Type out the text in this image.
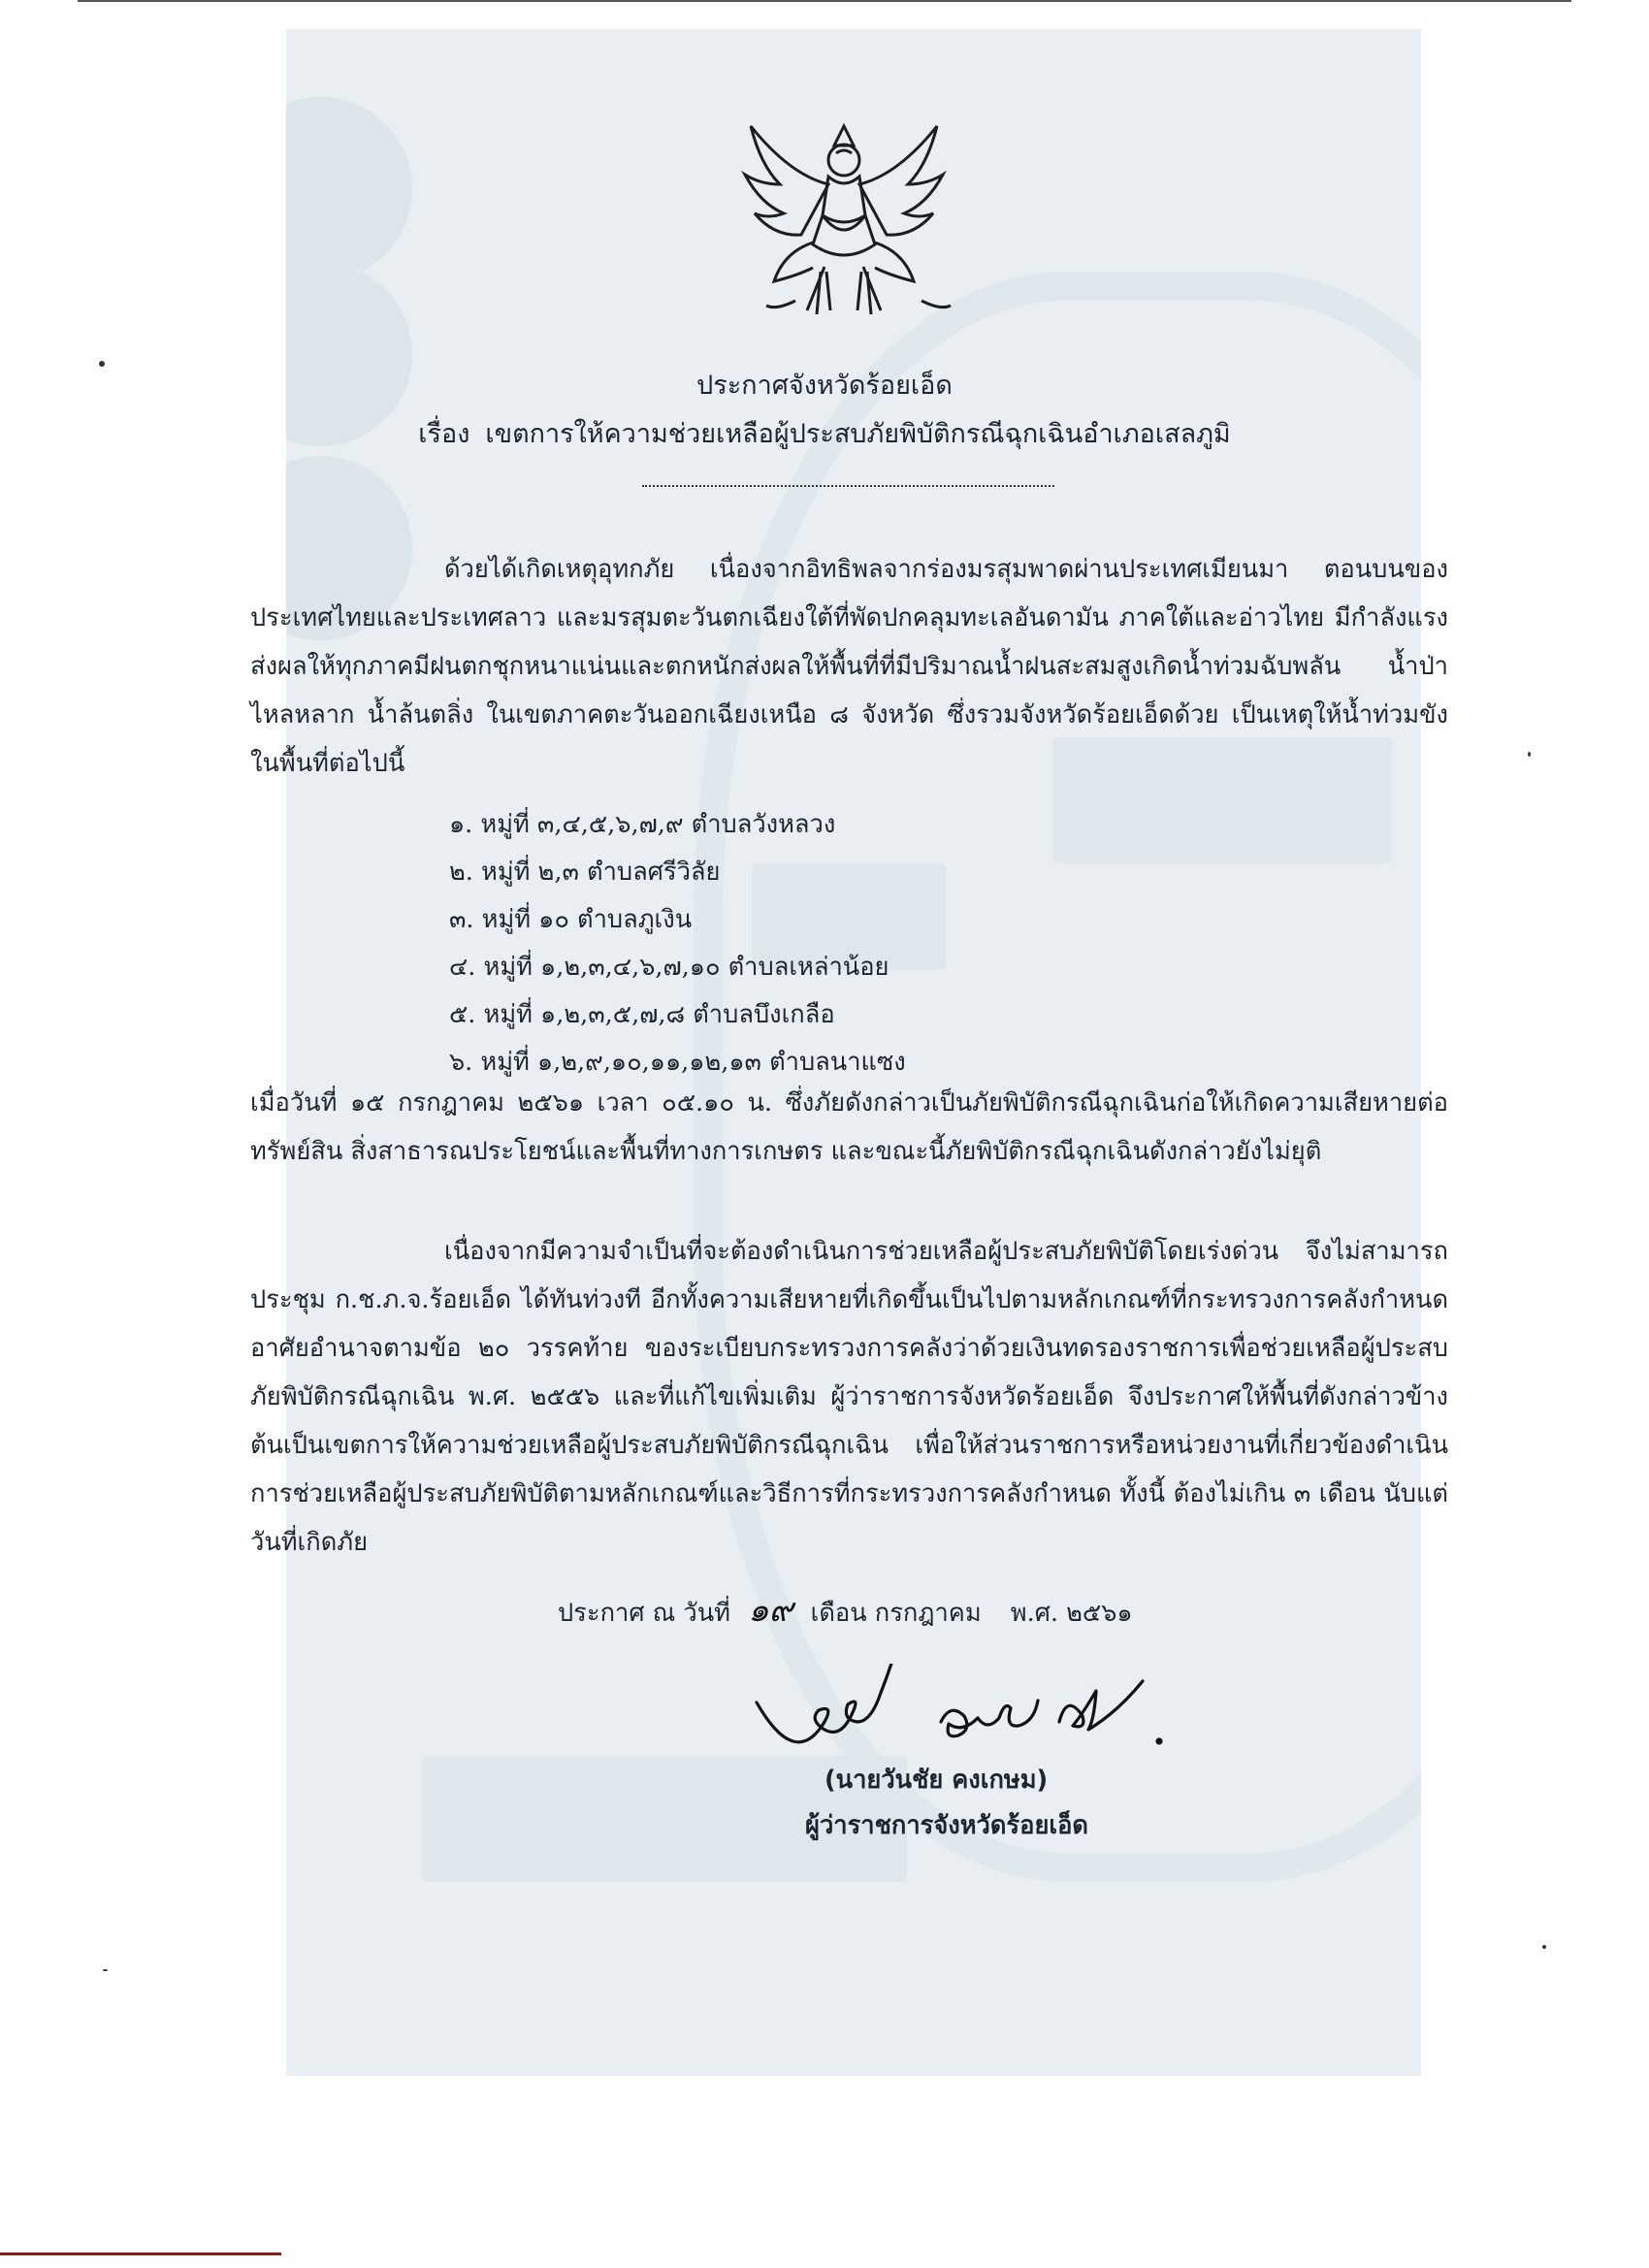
ประกาศจังหวัดร้อยเอ็ด
เรื่อง เขตการให้ความช่วยเหลือผู้ประสบภัยพิบัติกรณีฉุกเฉินอำเภอเสลภูมิ
ด้วยได้เกิดเหตุอุทกภัย เนื่องจากอิทธิพลจากร่องมรสุมพาดผ่านประเทศเมียนมา ตอนบนของประเทศไทยและประเทศลาว และมรสุมตะวันตกเฉียงใต้ที่พัดปกคลุมทะเลอันดามัน ภาคใต้และอ่าวไทย มีกำลังแรง ส่งผลให้ทุกภาคมีฝนตกชุกหนาแน่นและตกหนักส่งผลให้พื้นที่ที่มีปริมาณน้ำฝนสะสมสูงเกิดน้ำท่วมฉับพลัน น้ำป่าไหลหลาก น้ำล้นตลิ่ง ในเขตภาคตะวันออกเฉียงเหนือ ๘ จังหวัด ซึ่งรวมจังหวัดร้อยเอ็ดด้วย เป็นเหตุให้น้ำท่วมขัง ในพื้นที่ต่อไปนี้
๑. หมู่ที่ ๓,๔,๕,๖,๗,๙ ตำบลวังหลวง
๒. หมู่ที่ ๒,๓ ตำบลศรีวิลัย
๓. หมู่ที่ ๑๐ ตำบลภูเงิน
๔. หมู่ที่ ๑,๒,๓,๔,๖,๗,๑๐ ตำบลเหล่าน้อย
๕. หมู่ที่ ๑,๒,๓,๕,๗,๘ ตำบลบึงเกลือ
๖. หมู่ที่ ๑,๒,๙,๑๐,๑๑,๑๒,๑๓ ตำบลนาแซง
เมื่อวันที่ ๑๕ กรกฎาคม ๒๕๖๑ เวลา ๐๕.๑๐ น. ซึ่งภัยดังกล่าวเป็นภัยพิบัติกรณีฉุกเฉินก่อให้เกิดความเสียหายต่อทรัพย์สิน สิ่งสาธารณประโยชน์และพื้นที่ทางการเกษตร และขณะนี้ภัยพิบัติกรณีฉุกเฉินดังกล่าวยังไม่ยุติ
เนื่องจากมีความจำเป็นที่จะต้องดำเนินการช่วยเหลือผู้ประสบภัยพิบัติโดยเร่งด่วน จึงไม่สามารถประชุม ก.ช.ภ.จ.ร้อยเอ็ด ได้ทันท่วงที อีกทั้งความเสียหายที่เกิดขึ้นเป็นไปตามหลักเกณฑ์ที่กระทรวงการคลังกำหนด อาศัยอำนาจตามข้อ ๒๐ วรรคท้าย ของระเบียบกระทรวงการคลังว่าด้วยเงินทดรองราชการเพื่อช่วยเหลือผู้ประสบภัยพิบัติกรณีฉุกเฉิน พ.ศ. ๒๕๕๖ และที่แก้ไขเพิ่มเติม ผู้ว่าราชการจังหวัดร้อยเอ็ด จึงประกาศให้พื้นที่ดังกล่าวข้างต้นเป็นเขตการให้ความช่วยเหลือผู้ประสบภัยพิบัติกรณีฉุกเฉิน เพื่อให้ส่วนราชการหรือหน่วยงานที่เกี่ยวข้องดำเนินการช่วยเหลือผู้ประสบภัยพิบัติตามหลักเกณฑ์และวิธีการที่กระทรวงการคลังกำหนด ทั้งนี้ ต้องไม่เกิน ๓ เดือน นับแต่วันที่เกิดภัย
ประกาศ ณ วันที่ ๑๙ เดือน กรกฎาคม พ.ศ. ๒๕๖๑
(นายวันชัย คงเกษม)
ผู้ว่าราชการจังหวัดร้อยเอ็ด
